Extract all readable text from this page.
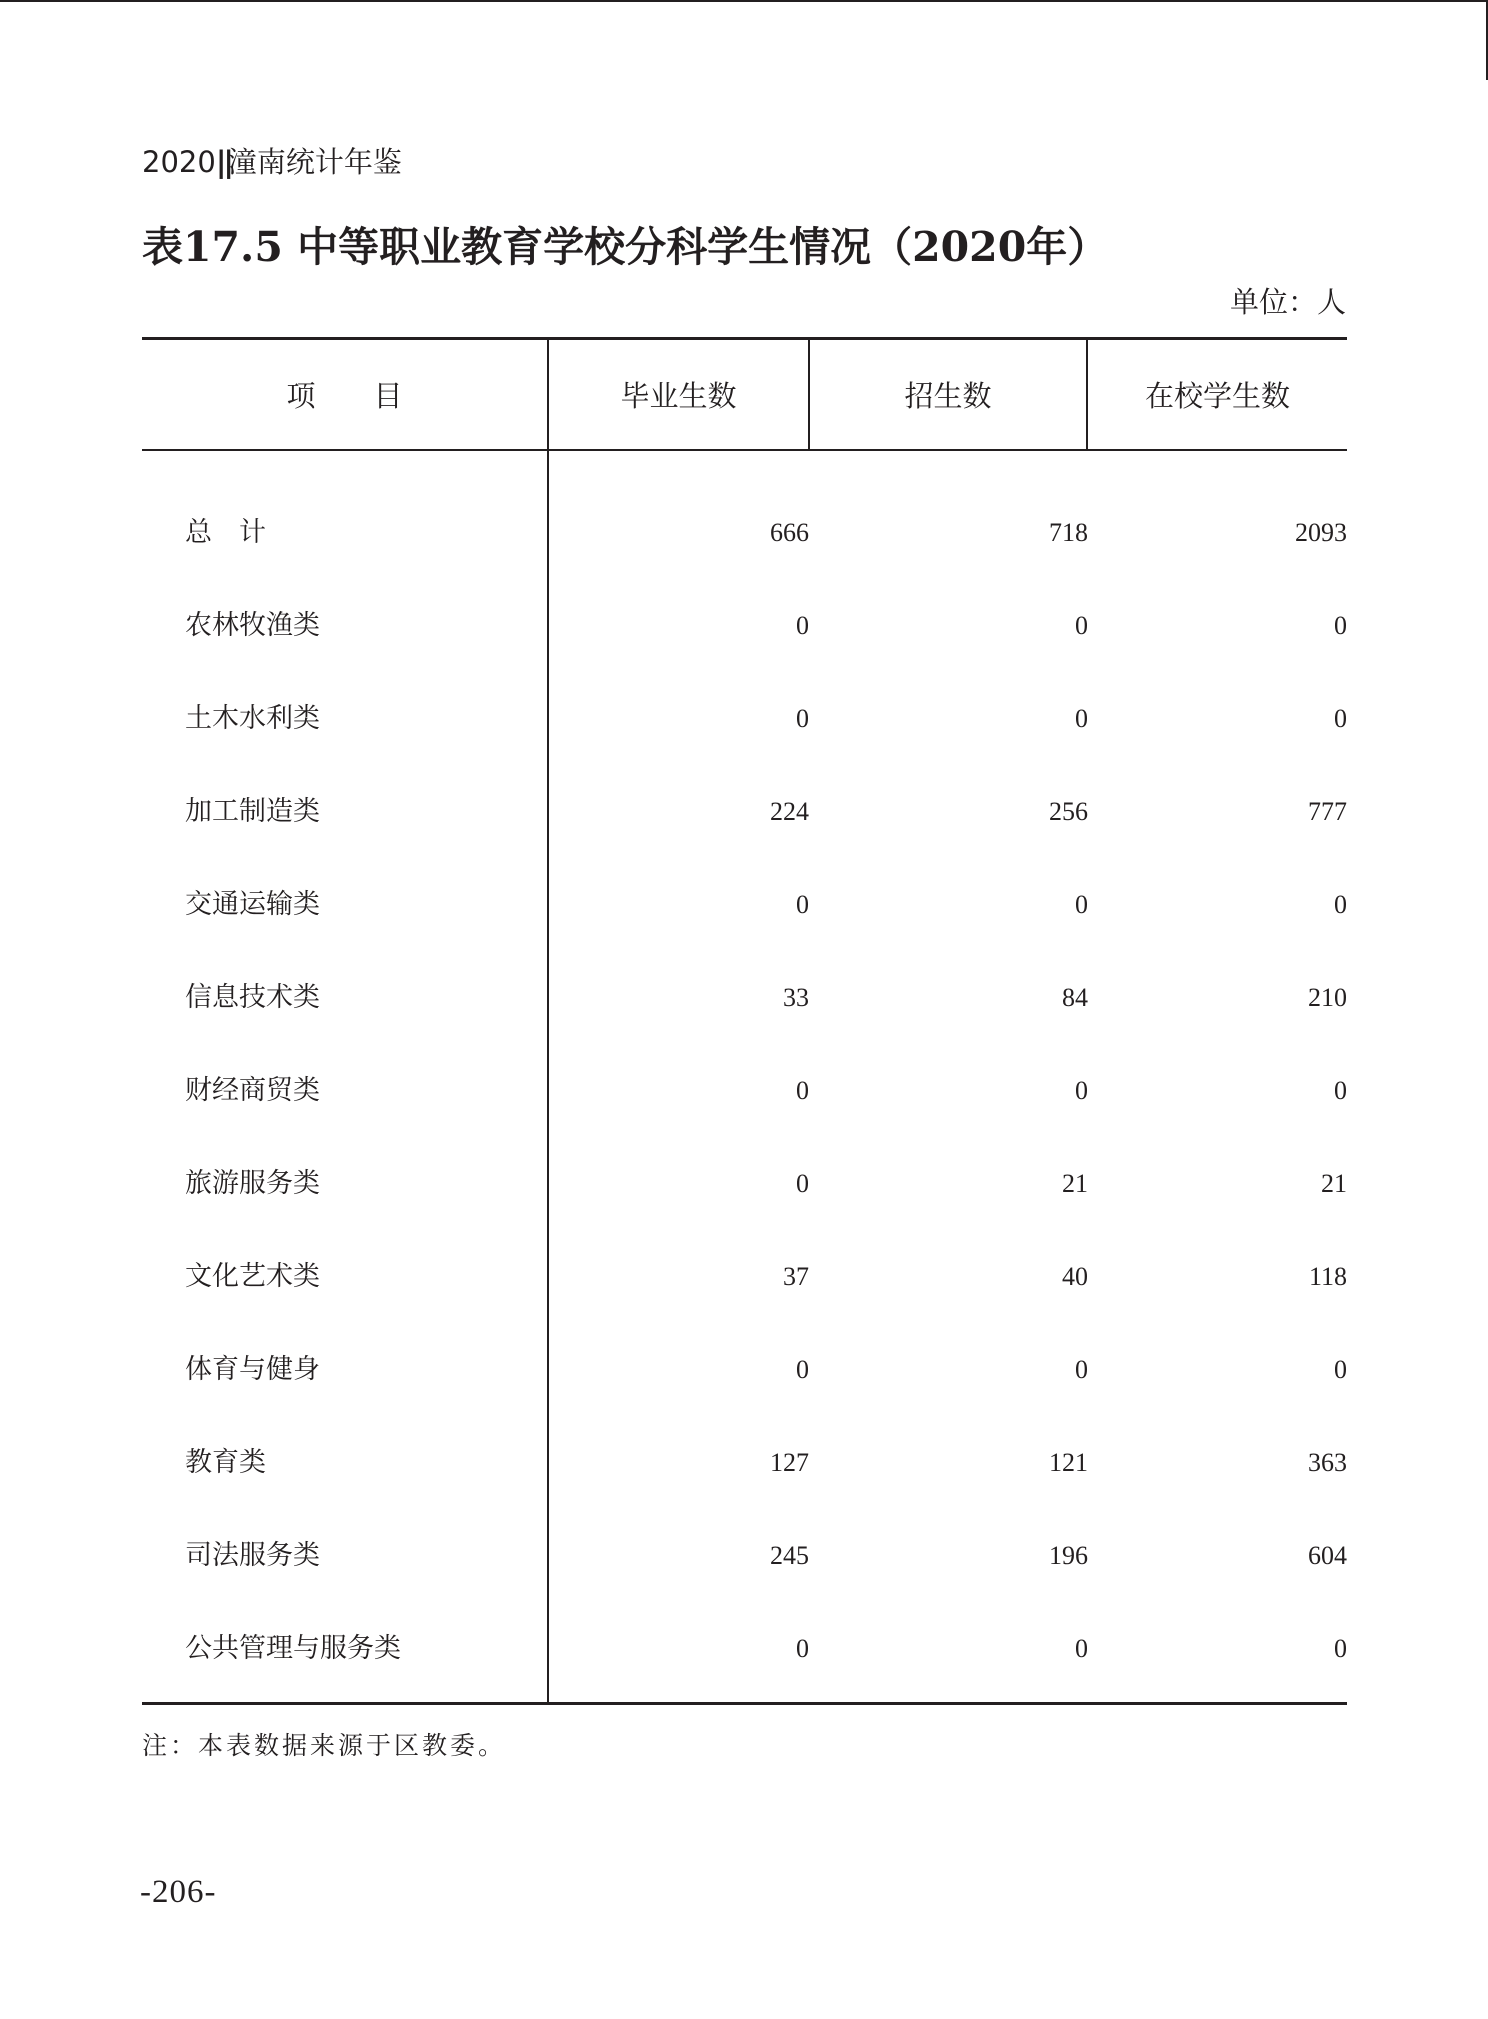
2020||潼南统计年鉴
表17.5 中等职业教育学校分科学生情况（2020年）
单位：人
项 目	毕业生数	招生数	在校学生数
总　计	666	718	2093
农林牧渔类	0	0	0
土木水利类	0	0	0
加工制造类	224	256	777
交通运输类	0	0	0
信息技术类	33	84	210
财经商贸类	0	0	0
旅游服务类	0	21	21
文化艺术类	37	40	118
体育与健身	0	0	0
教育类	127	121	363
司法服务类	245	196	604
公共管理与服务类	0	0	0
注：本表数据来源于区教委。
-206-
